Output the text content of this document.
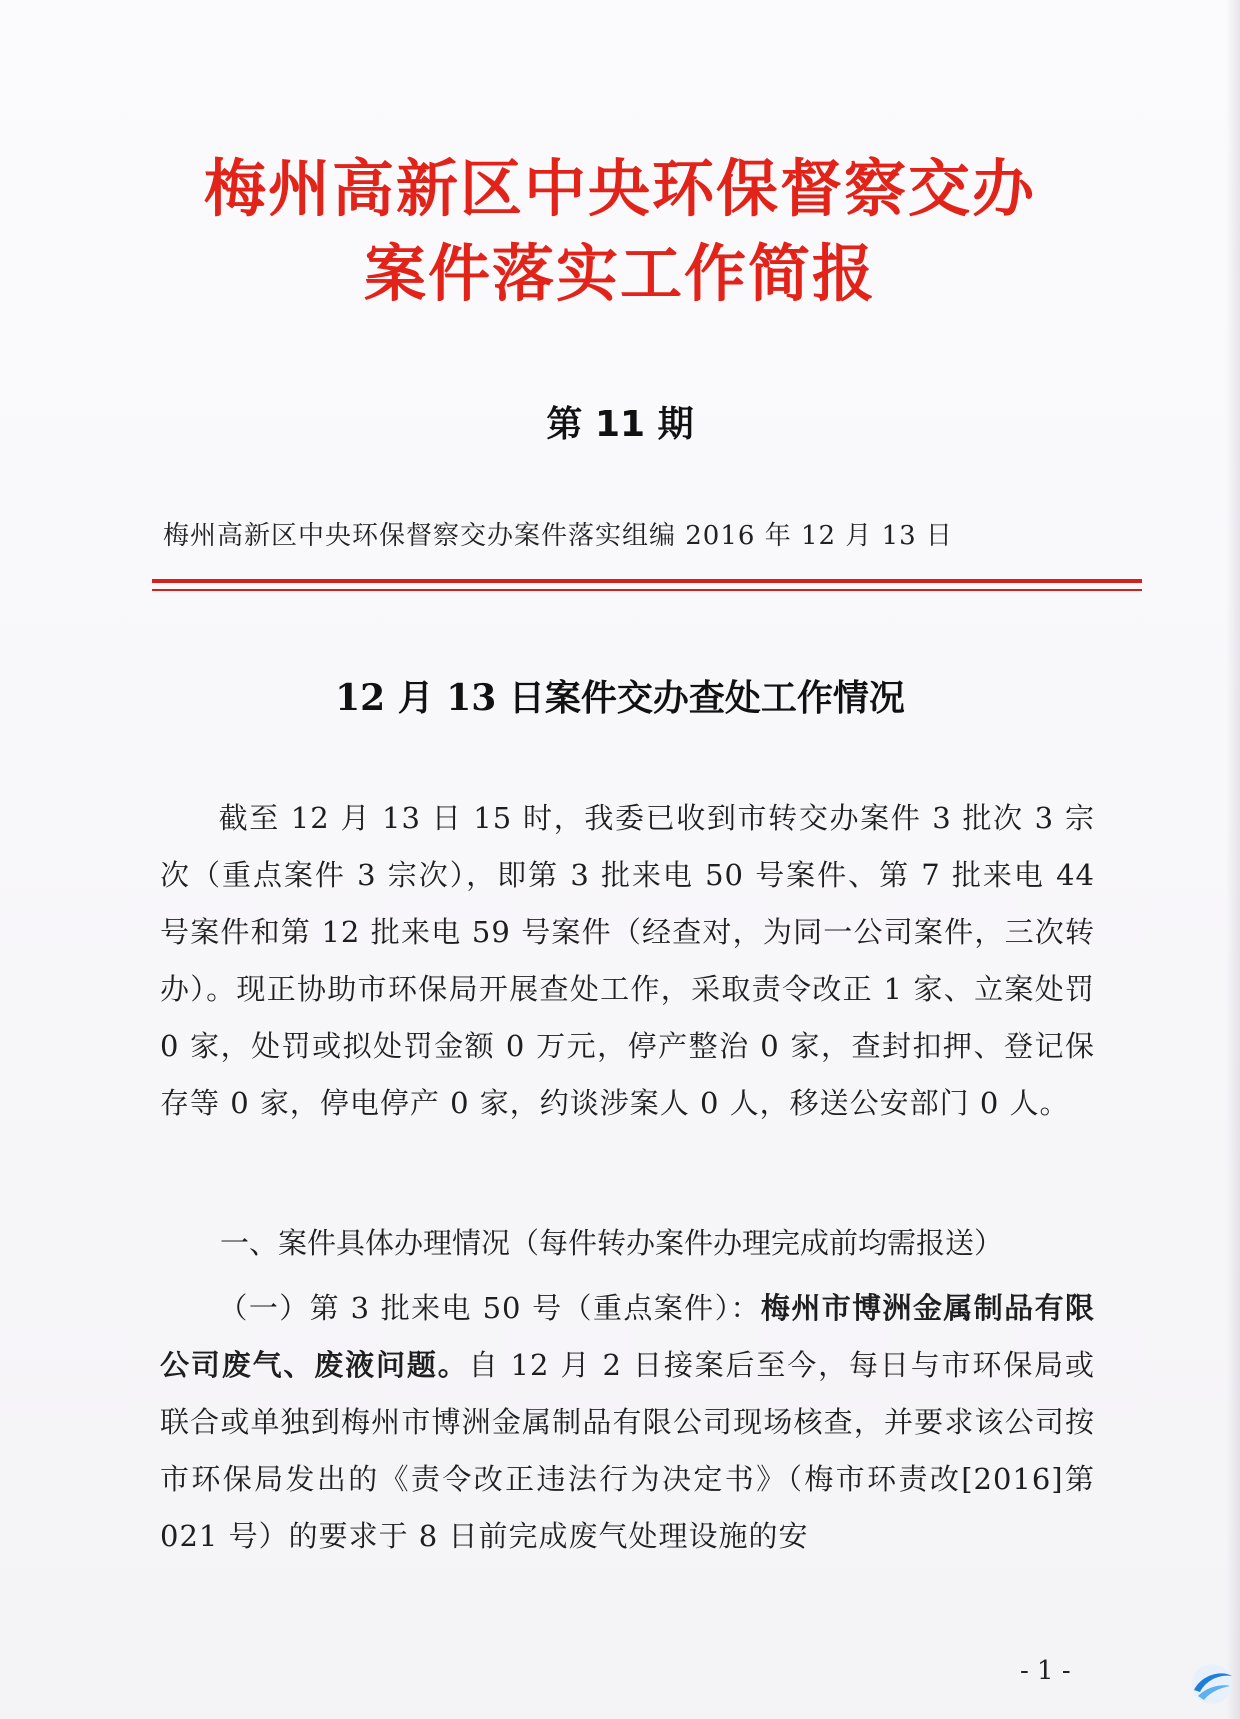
梅州高新区中央环保督察交办
案件落实工作简报
第 11 期
梅州高新区中央环保督察交办案件落实组编 2016 年 12 月 13 日
12 月 13 日案件交办查处工作情况
截至 12 月 13 日 15 时，我委已收到市转交办案件 3 批次 3 宗次（重点案件 3 宗次），即第 3 批来电 50 号案件、第 7 批来电 44 号案件和第 12 批来电 59 号案件（经查对，为同一公司案件，三次转办）。现正协助市环保局开展查处工作，采取责令改正 1 家、立案处罚 0 家，处罚或拟处罚金额 0 万元，停产整治 0 家，查封扣押、登记保存等 0 家，停电停产 0 家，约谈涉案人 0 人，移送公安部门 0 人。
一、案件具体办理情况（每件转办案件办理完成前均需报送）
（一）第 3 批来电 50 号（重点案件）：梅州市博洲金属制品有限公司废气、废液问题。自 12 月 2 日接案后至今，每日与市环保局或联合或单独到梅州市博洲金属制品有限公司现场核查，并要求该公司按市环保局发出的《责令改正违法行为决定书》（梅市环责改[2016]第 021 号）的要求于 8 日前完成废气处理设施的安
- 1 -
